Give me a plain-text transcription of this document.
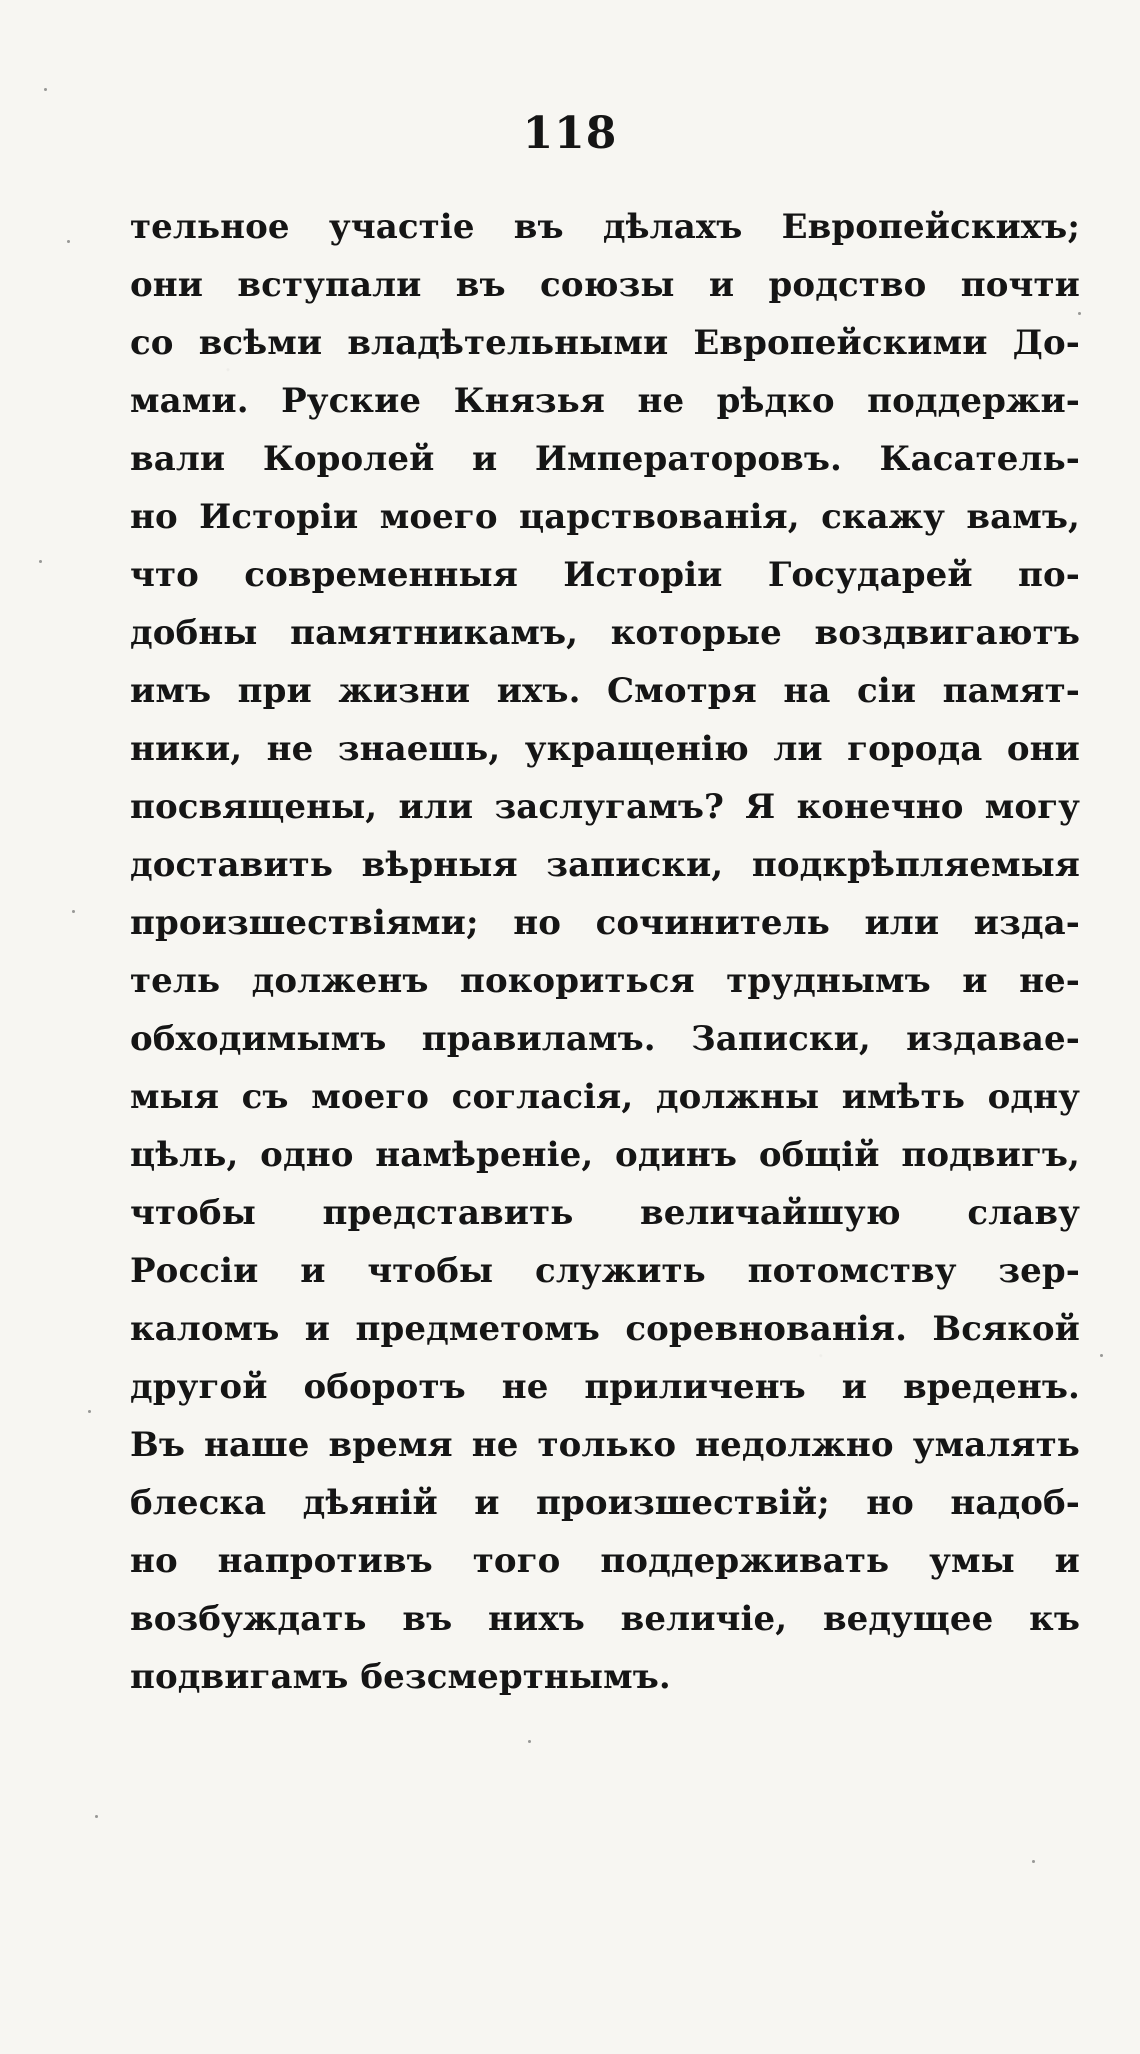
118
тельное участіе въ дѣлахъ Европейскихъ;
они вступали въ союзы и родство почти
со всѣми владѣтельными Европейскими До-
мами. Руские Князья не рѣдко поддержи-
вали Королей и Императоровъ. Касатель-
но Исторіи моего царствованія, скажу вамъ,
что современныя Исторіи Государей по-
добны памятникамъ, которые воздвигаютъ
имъ при жизни ихъ. Смотря на сіи памят-
ники, не знаешь, укращенію ли города они
посвящены, или заслугамъ? Я конечно могу
доставить вѣрныя записки, подкрѣпляемыя
произшествіями; но сочинитель или изда-
тель долженъ покориться труднымъ и не-
обходимымъ правиламъ. Записки, издавае-
мыя съ моего согласія, должны имѣть одну
цѣль, одно намѣреніе, одинъ общій подвигъ,
чтобы представить величайшую славу
Россіи и чтобы служить потомству зер-
каломъ и предметомъ соревнованія. Всякой
другой оборотъ не приличенъ и вреденъ.
Въ наше время не только недолжно умалять
блеска дѣяній и произшествій; но надоб-
но напротивъ того поддерживать умы и
возбуждать въ нихъ величіе, ведущее къ
подвигамъ безсмертнымъ.
